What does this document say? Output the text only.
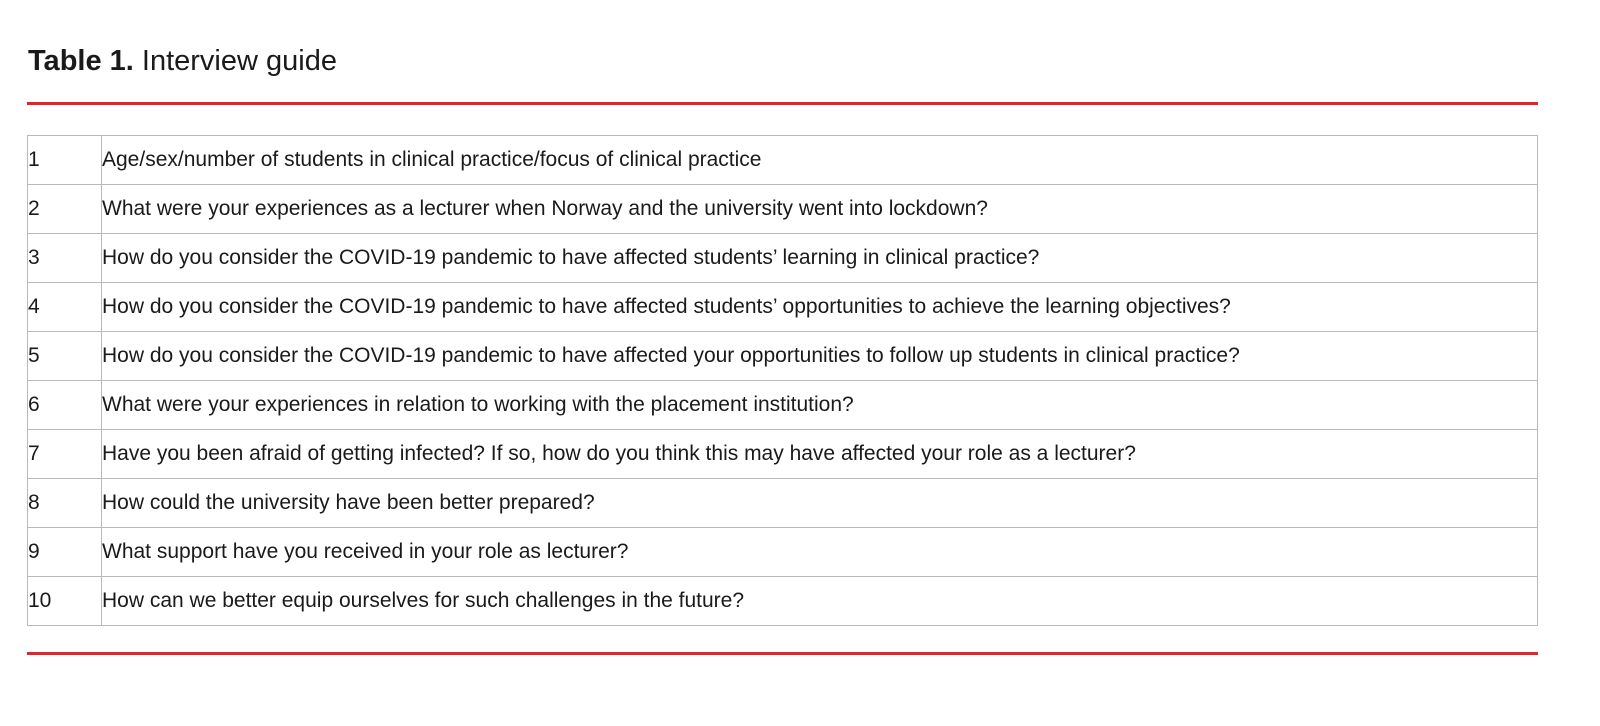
Table 1. Interview guide
1	Age/sex/number of students in clinical practice/focus of clinical practice
2	What were your experiences as a lecturer when Norway and the university went into lockdown?
3	How do you consider the COVID-19 pandemic to have affected students’ learning in clinical practice?
4	How do you consider the COVID-19 pandemic to have affected students’ opportunities to achieve the learning objectives?
5	How do you consider the COVID-19 pandemic to have affected your opportunities to follow up students in clinical practice?
6	What were your experiences in relation to working with the placement institution?
7	Have you been afraid of getting infected? If so, how do you think this may have affected your role as a lecturer?
8	How could the university have been better prepared?
9	What support have you received in your role as lecturer?
10	How can we better equip ourselves for such challenges in the future?
